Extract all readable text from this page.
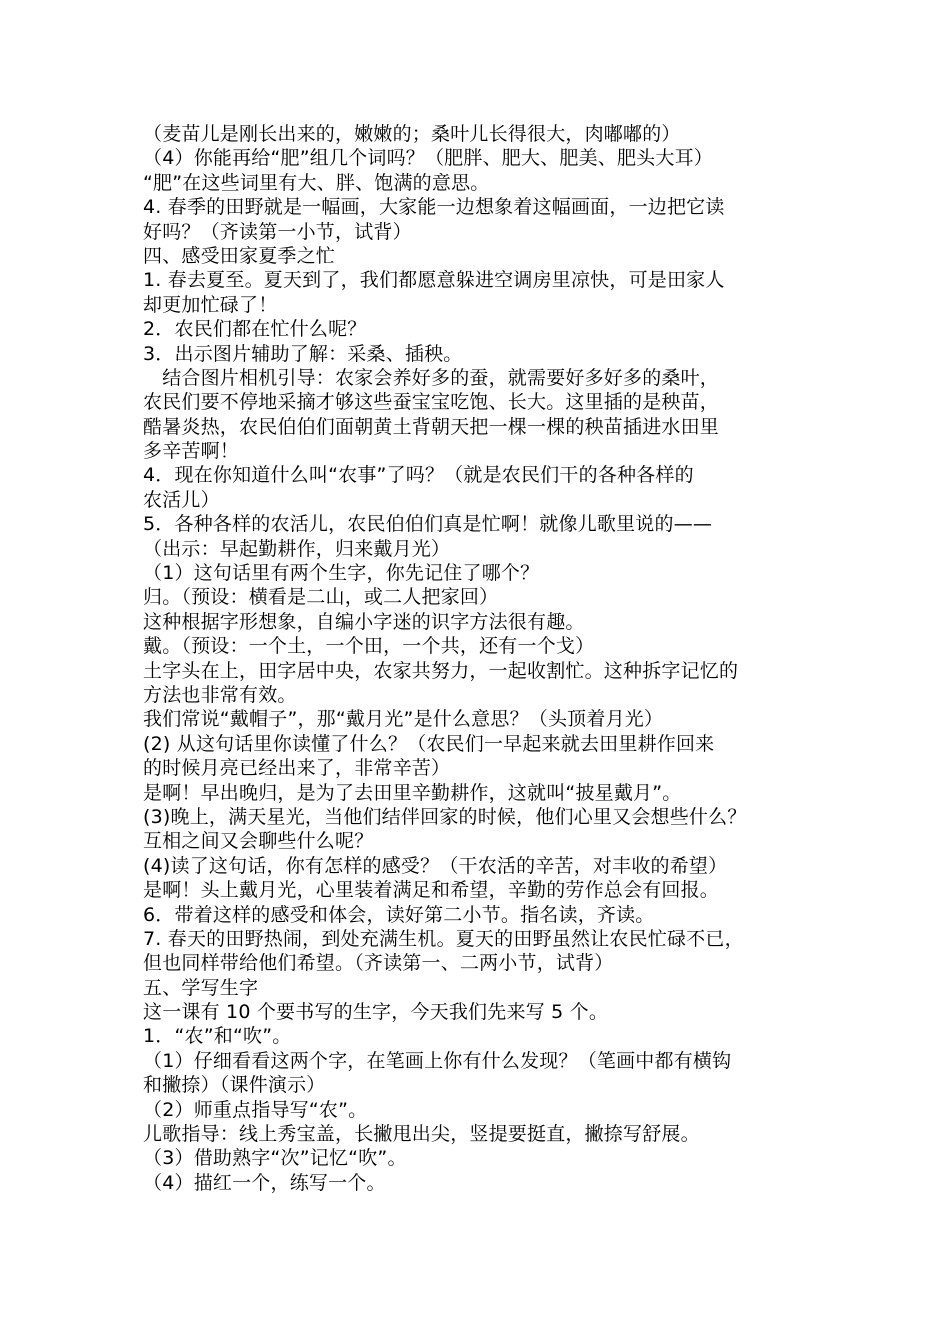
（麦苗儿是刚长出来的，嫩嫩的；桑叶儿长得很大，肉嘟嘟的）
（4）你能再给“肥”组几个词吗？（肥胖、肥大、肥美、肥头大耳）
“肥”在这些词里有大、胖、饱满的意思。
4. 春季的田野就是一幅画，大家能一边想象着这幅画面，一边把它读
好吗？（齐读第一小节，试背）
四、感受田家夏季之忙
1. 春去夏至。夏天到了，我们都愿意躲进空调房里凉快，可是田家人
却更加忙碌了！
2．农民们都在忙什么呢？
3．出示图片辅助了解：采桑、插秧。
　结合图片相机引导：农家会养好多的蚕，就需要好多好多的桑叶，
农民们要不停地采摘才够这些蚕宝宝吃饱、长大。这里插的是秧苗，
酷暑炎热，农民伯伯们面朝黄土背朝天把一棵一棵的秧苗插进水田里
多辛苦啊！
4．现在你知道什么叫“农事”了吗？（就是农民们干的各种各样的
农活儿）
5．各种各样的农活儿，农民伯伯们真是忙啊！就像儿歌里说的——
（出示：早起勤耕作，归来戴月光）
（1）这句话里有两个生字，你先记住了哪个？
归。（预设：横看是二山，或二人把家回）
这种根据字形想象，自编小字迷的识字方法很有趣。
戴。（预设：一个土，一个田，一个共，还有一个戈）
土字头在上，田字居中央，农家共努力，一起收割忙。这种拆字记忆的
方法也非常有效。
我们常说“戴帽子”，那“戴月光”是什么意思？（头顶着月光）
(2) 从这句话里你读懂了什么？（农民们一早起来就去田里耕作回来
的时候月亮已经出来了，非常辛苦）
是啊！早出晚归，是为了去田里辛勤耕作，这就叫“披星戴月”。
(3)晚上，满天星光，当他们结伴回家的时候，他们心里又会想些什么？
互相之间又会聊些什么呢？
(4)读了这句话，你有怎样的感受？（干农活的辛苦，对丰收的希望）
是啊！头上戴月光，心里装着满足和希望，辛勤的劳作总会有回报。
6．带着这样的感受和体会，读好第二小节。指名读，齐读。
7. 春天的田野热闹，到处充满生机。夏天的田野虽然让农民忙碌不已，
但也同样带给他们希望。（齐读第一、二两小节，试背）
五、学写生字
这一课有 10 个要书写的生字，今天我们先来写 5 个。
1．“农”和“吹”。
（1）仔细看看这两个字，在笔画上你有什么发现？（笔画中都有横钩
和撇捺）（课件演示）
（2）师重点指导写“农”。
儿歌指导：线上秀宝盖，长撇甩出尖，竖提要挺直，撇捺写舒展。
（3）借助熟字“次”记忆“吹”。
（4）描红一个，练写一个。
